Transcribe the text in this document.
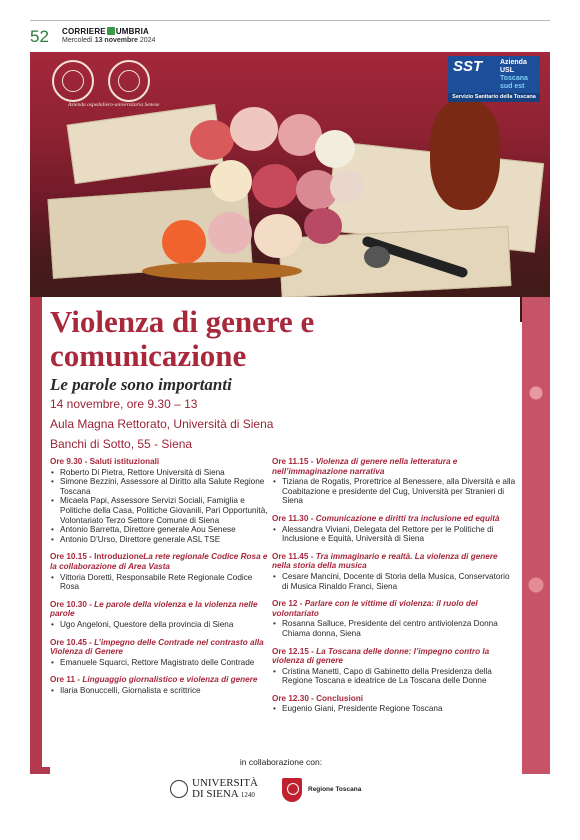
52 CORRIERE UMBRIA
Mercoledì 13 novembre 2024
Azienda ospedaliero-universitaria Senese
SST	Azienda
USL
Toscana
sud est
Servizio Sanitario della Toscana
Violenza di genere e
comunicazione
Le parole sono importanti
14 novembre, ore 9.30 – 13
Aula Magna Rettorato, Università di Siena
Banchi di Sotto, 55 - Siena
Ore 9.30 - Saluti istituzionali
• Roberto Di Pietra, Rettore Università di Siena
• Simone Bezzini, Assessore al Diritto alla Salute Regione Toscana
• Micaela Papi, Assessore Servizi Sociali, Famiglia e Politiche della Casa, Politiche Giovanili, Pari Opportunità, Volontariato Terzo Settore Comune di Siena
• Antonio Barretta, Direttore generale Aou Senese
• Antonio D’Urso, Direttore generale ASL TSE
Ore 10.15 - IntroduzioneLa rete regionale Codice Rosa e la collaborazione di Area Vasta
• Vittoria Doretti, Responsabile Rete Regionale Codice Rosa
Ore 10.30 - Le parole della violenza e la violenza nelle parole
• Ugo Angeloni, Questore della provincia di Siena
Ore 10.45 - L’impegno delle Contrade nel contrasto alla Violenza di Genere
• Emanuele Squarci, Rettore Magistrato delle Contrade
Ore 11 - Linguaggio giornalistico e violenza di genere
• Ilaria Bonuccelli, Giornalista e scrittrice
Ore 11.15 - Violenza di genere nella letteratura e nell’immaginazione narrativa
• Tiziana de Rogatis, Prorettrice al Benessere, alla Diversità e alla Coabitazione e presidente del Cug, Università per Stranieri di Siena
Ore 11.30 - Comunicazione e diritti tra inclusione ed equità
• Alessandra Viviani, Delegata del Rettore per le Politiche di Inclusione e Equità, Università di Siena
Ore 11.45 - Tra immaginario e realtà. La violenza di genere nella storia della musica
• Cesare Mancini, Docente di Storia della Musica, Conservatorio di Musica Rinaldo Franci, Siena
Ore 12 - Parlare con le vittime di violenza: il ruolo del volontariato
• Rosanna Salluce, Presidente del centro antiviolenza Donna Chiama donna, Siena
Ore 12.15 - La Toscana delle donne: l’impegno contro la violenza di genere
• Cristina Manetti, Capo di Gabinetto della Presidenza della Regione Toscana e ideatrice de La Toscana delle Donne
Ore 12.30 - Conclusioni
• Eugenio Giani, Presidente Regione Toscana
in collaborazione con:
UNIVERSITÀ
DI SIENA 1240
Regione Toscana
